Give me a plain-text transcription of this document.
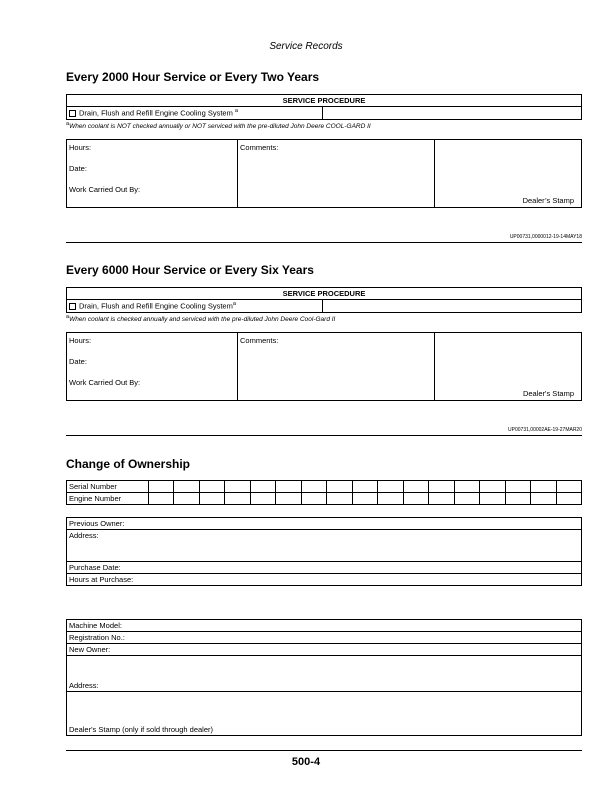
Service Records
Every 2000 Hour Service or Every Two Years
SERVICE PROCEDURE
Drain, Flush and Refill Engine Cooling System $^a$	
$^a$When coolant is NOT checked annually or NOT serviced with the pre-diluted John Deere COOL-GARD II
Hours:
Date:
Work Carried Out By:
Comments:
Dealer’s Stamp
UP00731,0000012-19-14MAY18
Every 6000 Hour Service or Every Six Years
SERVICE PROCEDURE
Drain, Flush and Refill Engine Cooling System$^a$	
$^a$When coolant is checked annually and serviced with the pre-diluted John Deere Cool-Gard II
Hours:
Date:
Work Carried Out By:
Comments:
Dealer's Stamp
UP00731,00002AE-19-27MAR20
Change of Ownership
Serial Number																	
Engine Number																	
Previous Owner:
Address:
Purchase Date:
Hours at Purchase:
Machine Model:
Registration No.:
New Owner:
Address:
Dealer's Stamp (only if sold through dealer)
500-4
